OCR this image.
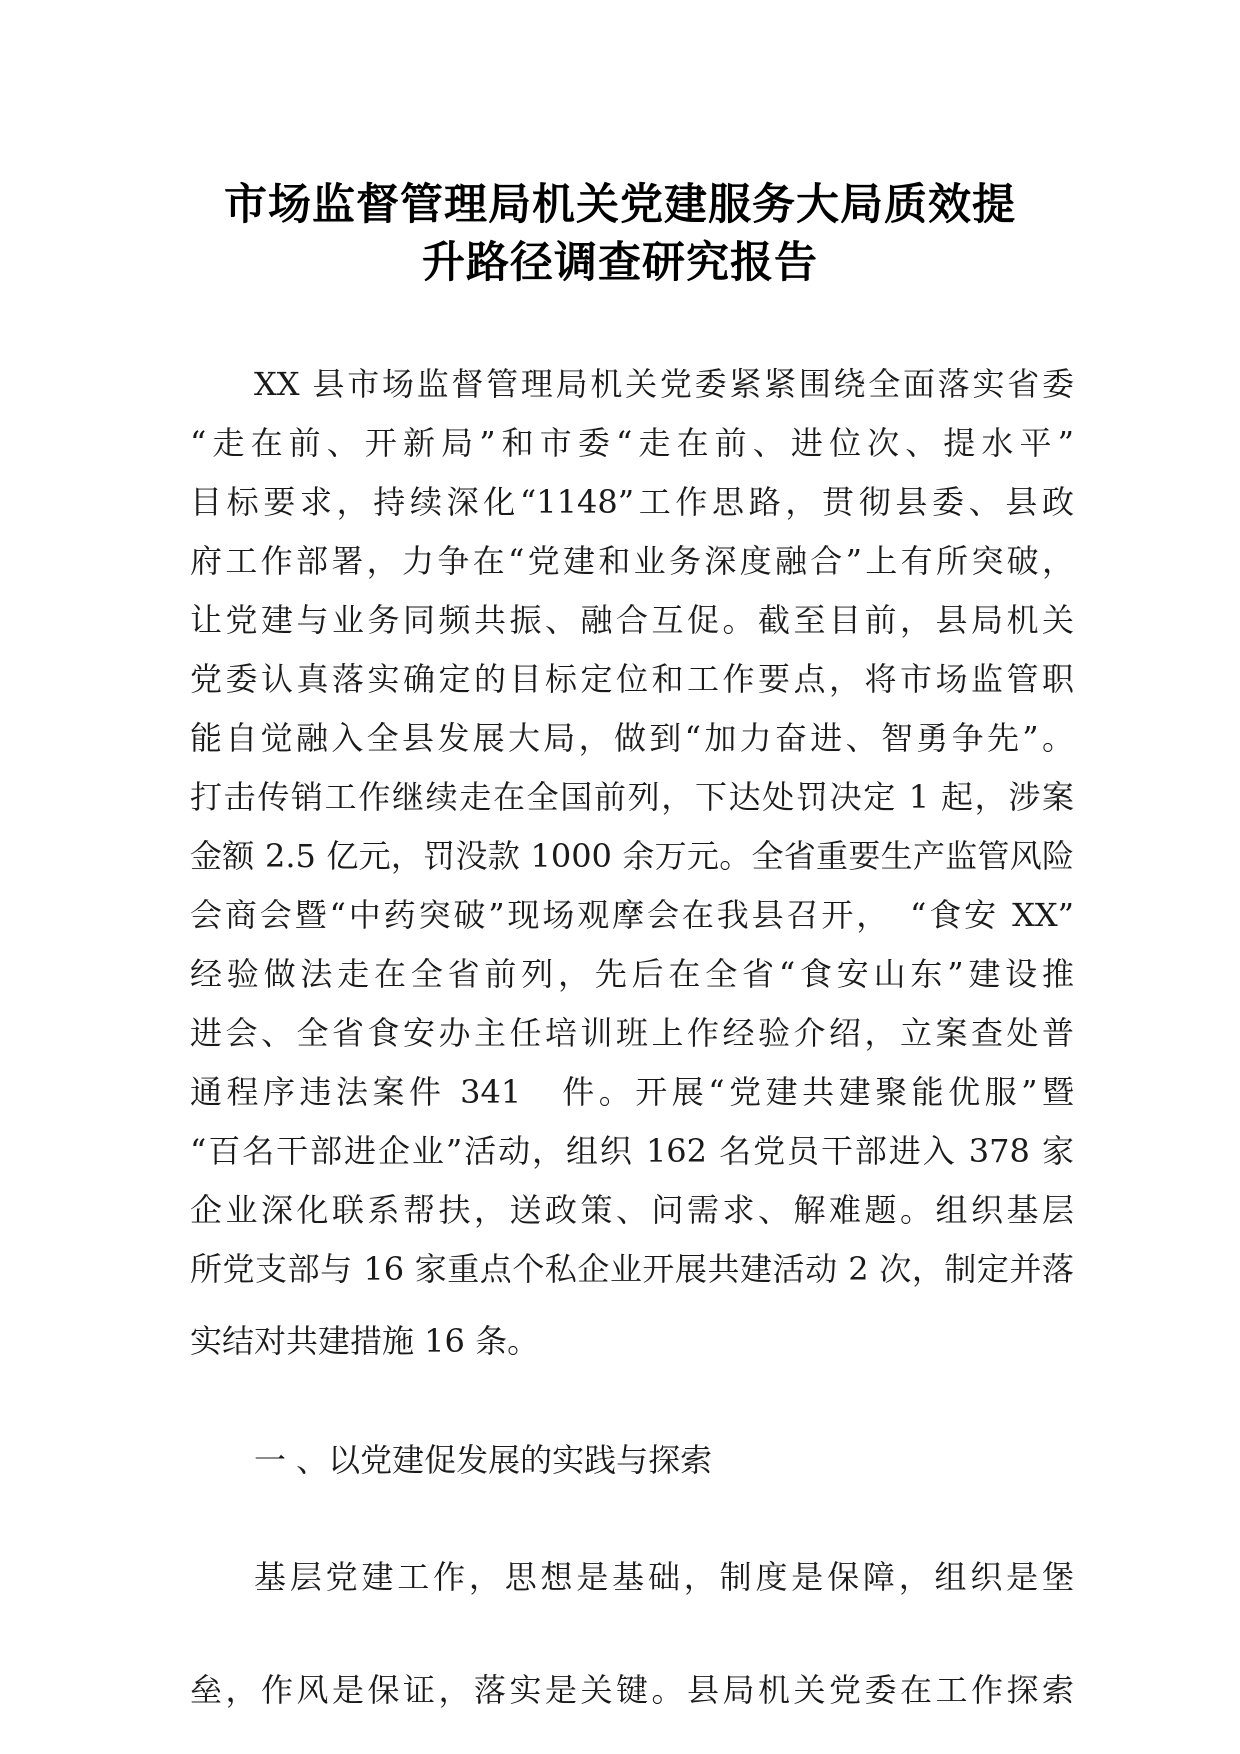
市场监督管理局机关党建服务大局质效提
升路径调查研究报告
XX 县市场监督管理局机关党委紧紧围绕全面落实省委
“走在前、开新局”和市委“走在前、进位次、提水平”
目标要求，持续深化“1148”工作思路，贯彻县委、县政
府工作部署，力争在“党建和业务深度融合”上有所突破，
让党建与业务同频共振、融合互促。截至目前，县局机关
党委认真落实确定的目标定位和工作要点，将市场监管职
能自觉融入全县发展大局，做到“加力奋进、智勇争先”。
打击传销工作继续走在全国前列，下达处罚决定 1 起，涉案
金额 2.5 亿元，罚没款 1000 余万元。全省重要生产监管风险
会商会暨“中药突破”现场观摩会在我县召开，　“食安 XX”
经验做法走在全省前列，先后在全省“食安山东”建设推
进会、全省食安办主任培训班上作经验介绍，立案查处普
通程序违法案件 341　件。开展“党建共建聚能优服”暨
“百名干部进企业”活动，组织 162 名党员干部进入 378 家
企业深化联系帮扶，送政策、问需求、解难题。组织基层
所党支部与 16 家重点个私企业开展共建活动 2 次，制定并落
实结对共建措施 16 条。
一 、以党建促发展的实践与探索
基层党建工作，思想是基础，制度是保障，组织是堡
垒，作风是保证，落实是关键。县局机关党委在工作探索
